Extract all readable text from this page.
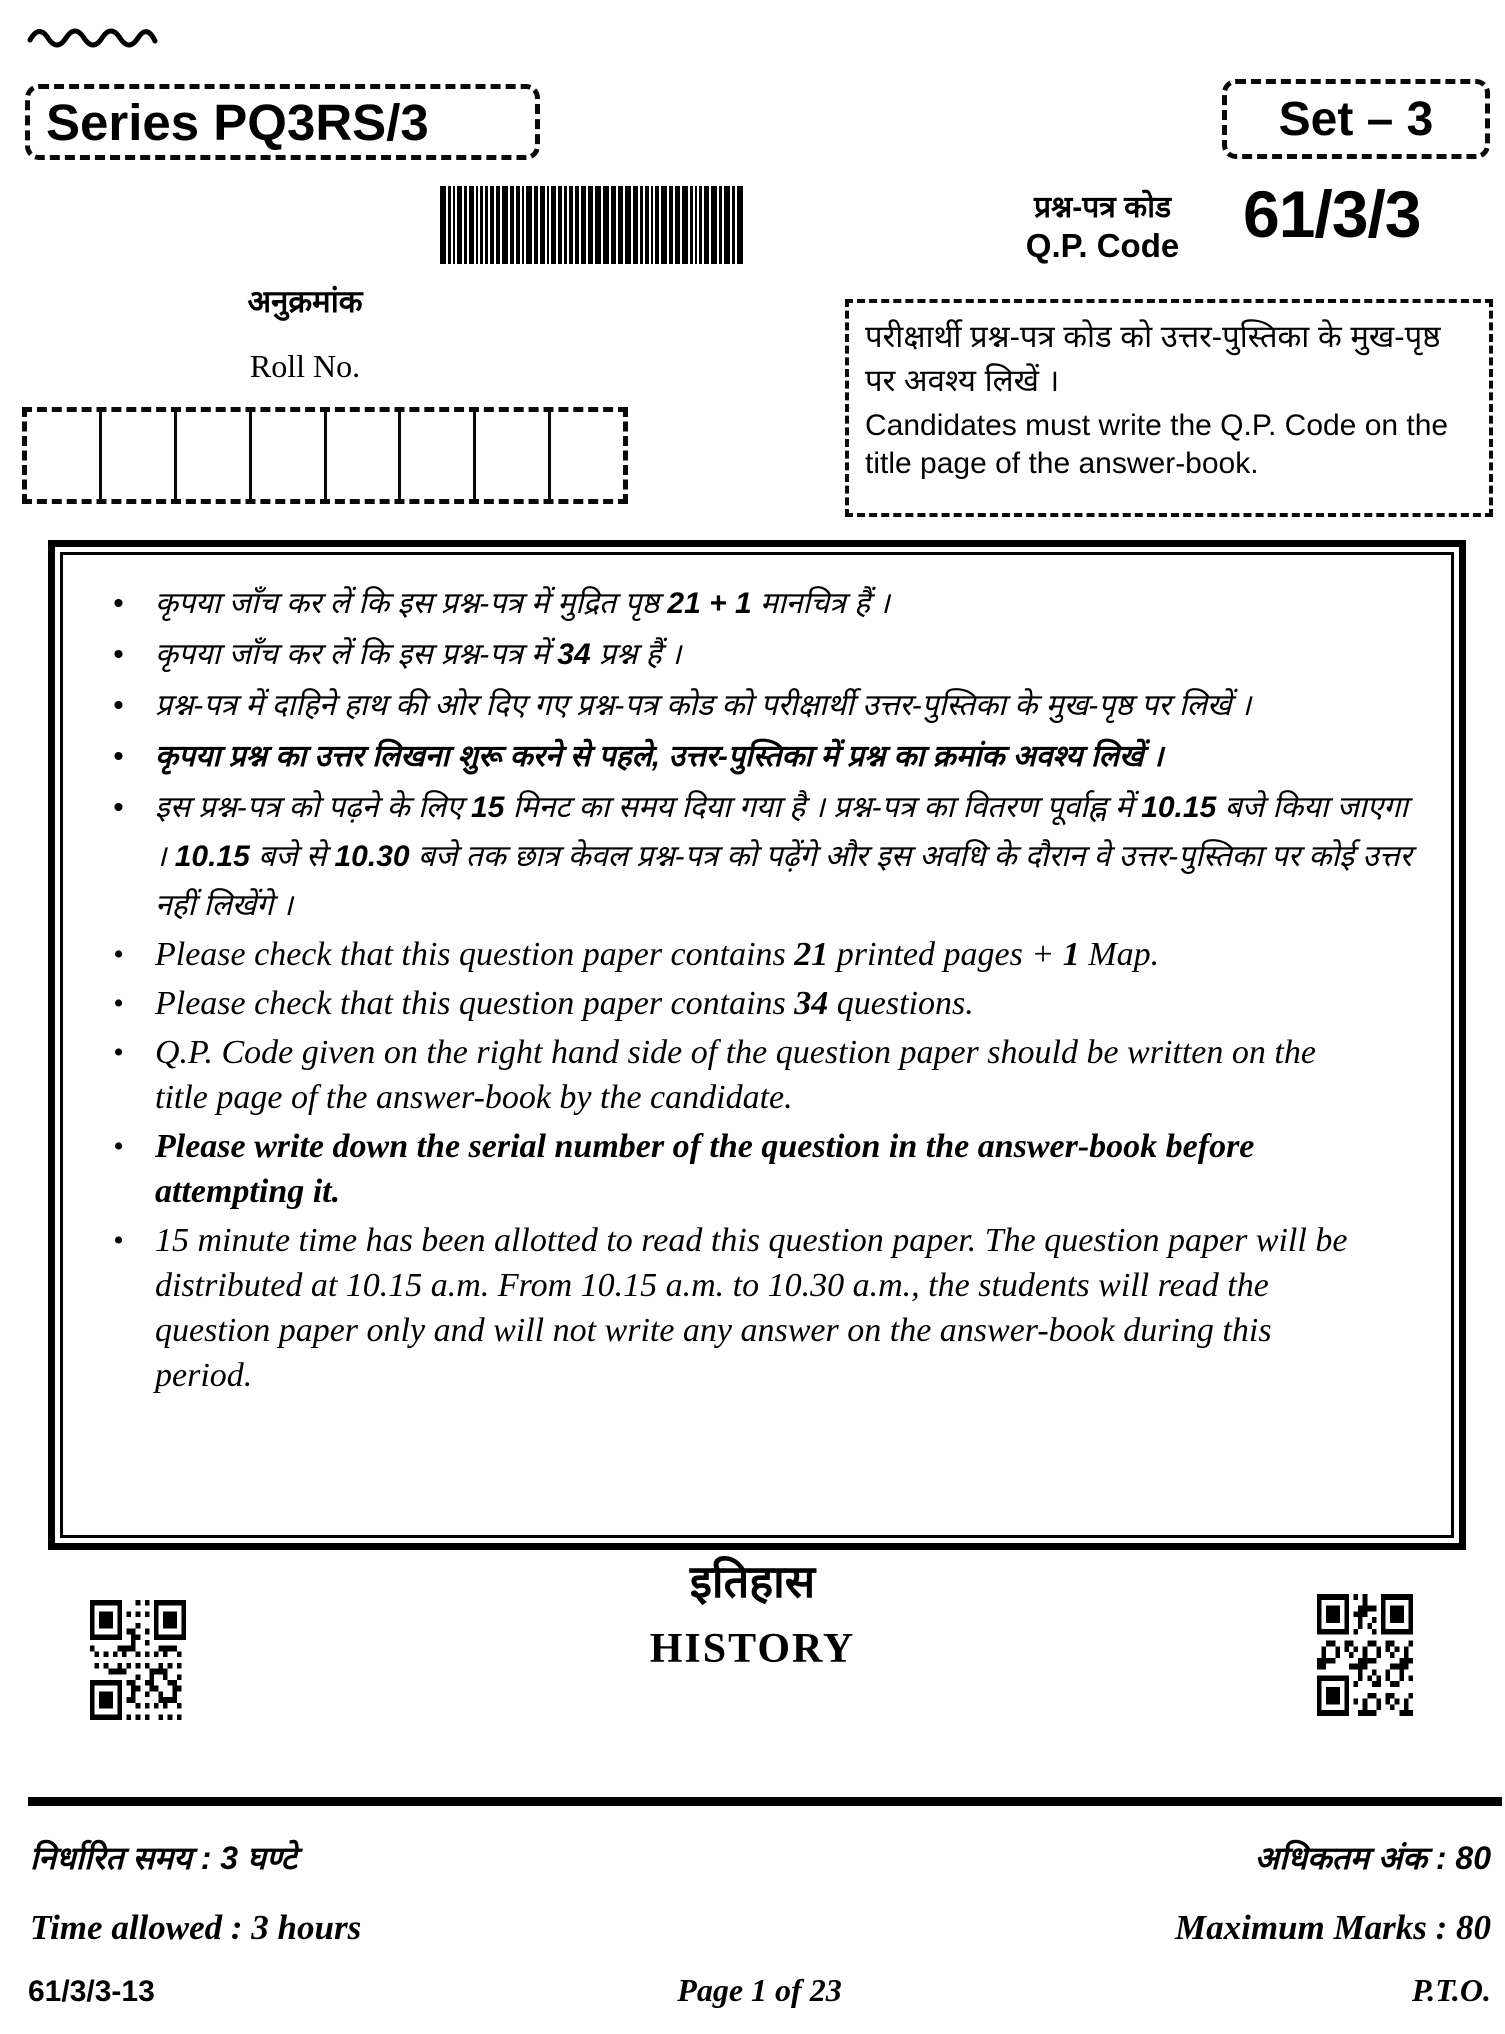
Series PQ3RS/3	Set – 3
प्रश्न-पत्र कोड
Q.P. Code 61/3/3
अनुक्रमांक
Roll No.
परीक्षार्थी प्रश्न-पत्र कोड को उत्तर-पुस्तिका के मुख-पृष्ठ पर अवश्य लिखें ।
Candidates must write the Q.P. Code on the title page of the answer-book.
• कृपया जाँच कर लें कि इस प्रश्न-पत्र में मुद्रित पृष्ठ 21 + 1 मानचित्र हैं ।
• कृपया जाँच कर लें कि इस प्रश्न-पत्र में 34 प्रश्न हैं ।
• प्रश्न-पत्र में दाहिने हाथ की ओर दिए गए प्रश्न-पत्र कोड को परीक्षार्थी उत्तर-पुस्तिका के मुख-पृष्ठ पर लिखें ।
• कृपया प्रश्न का उत्तर लिखना शुरू करने से पहले, उत्तर-पुस्तिका में प्रश्न का क्रमांक अवश्य लिखें ।
• इस प्रश्न-पत्र को पढ़ने के लिए 15 मिनट का समय दिया गया है । प्रश्न-पत्र का वितरण पूर्वाह्न में 10.15 बजे किया जाएगा । 10.15 बजे से 10.30 बजे तक छात्र केवल प्रश्न-पत्र को पढ़ेंगे और इस अवधि के दौरान वे उत्तर-पुस्तिका पर कोई उत्तर नहीं लिखेंगे ।
• Please check that this question paper contains 21 printed pages + 1 Map.
• Please check that this question paper contains 34 questions.
• Q.P. Code given on the right hand side of the question paper should be written on the title page of the answer-book by the candidate.
• Please write down the serial number of the question in the answer-book before attempting it.
• 15 minute time has been allotted to read this question paper. The question paper will be distributed at 10.15 a.m. From 10.15 a.m. to 10.30 a.m., the students will read the question paper only and will not write any answer on the answer-book during this period.
इतिहास
HISTORY
निर्धारित समय : 3 घण्टे	अधिकतम अंक : 80
Time allowed : 3 hours	Maximum Marks : 80
61/3/3-13	Page 1 of 23	P.T.O.
